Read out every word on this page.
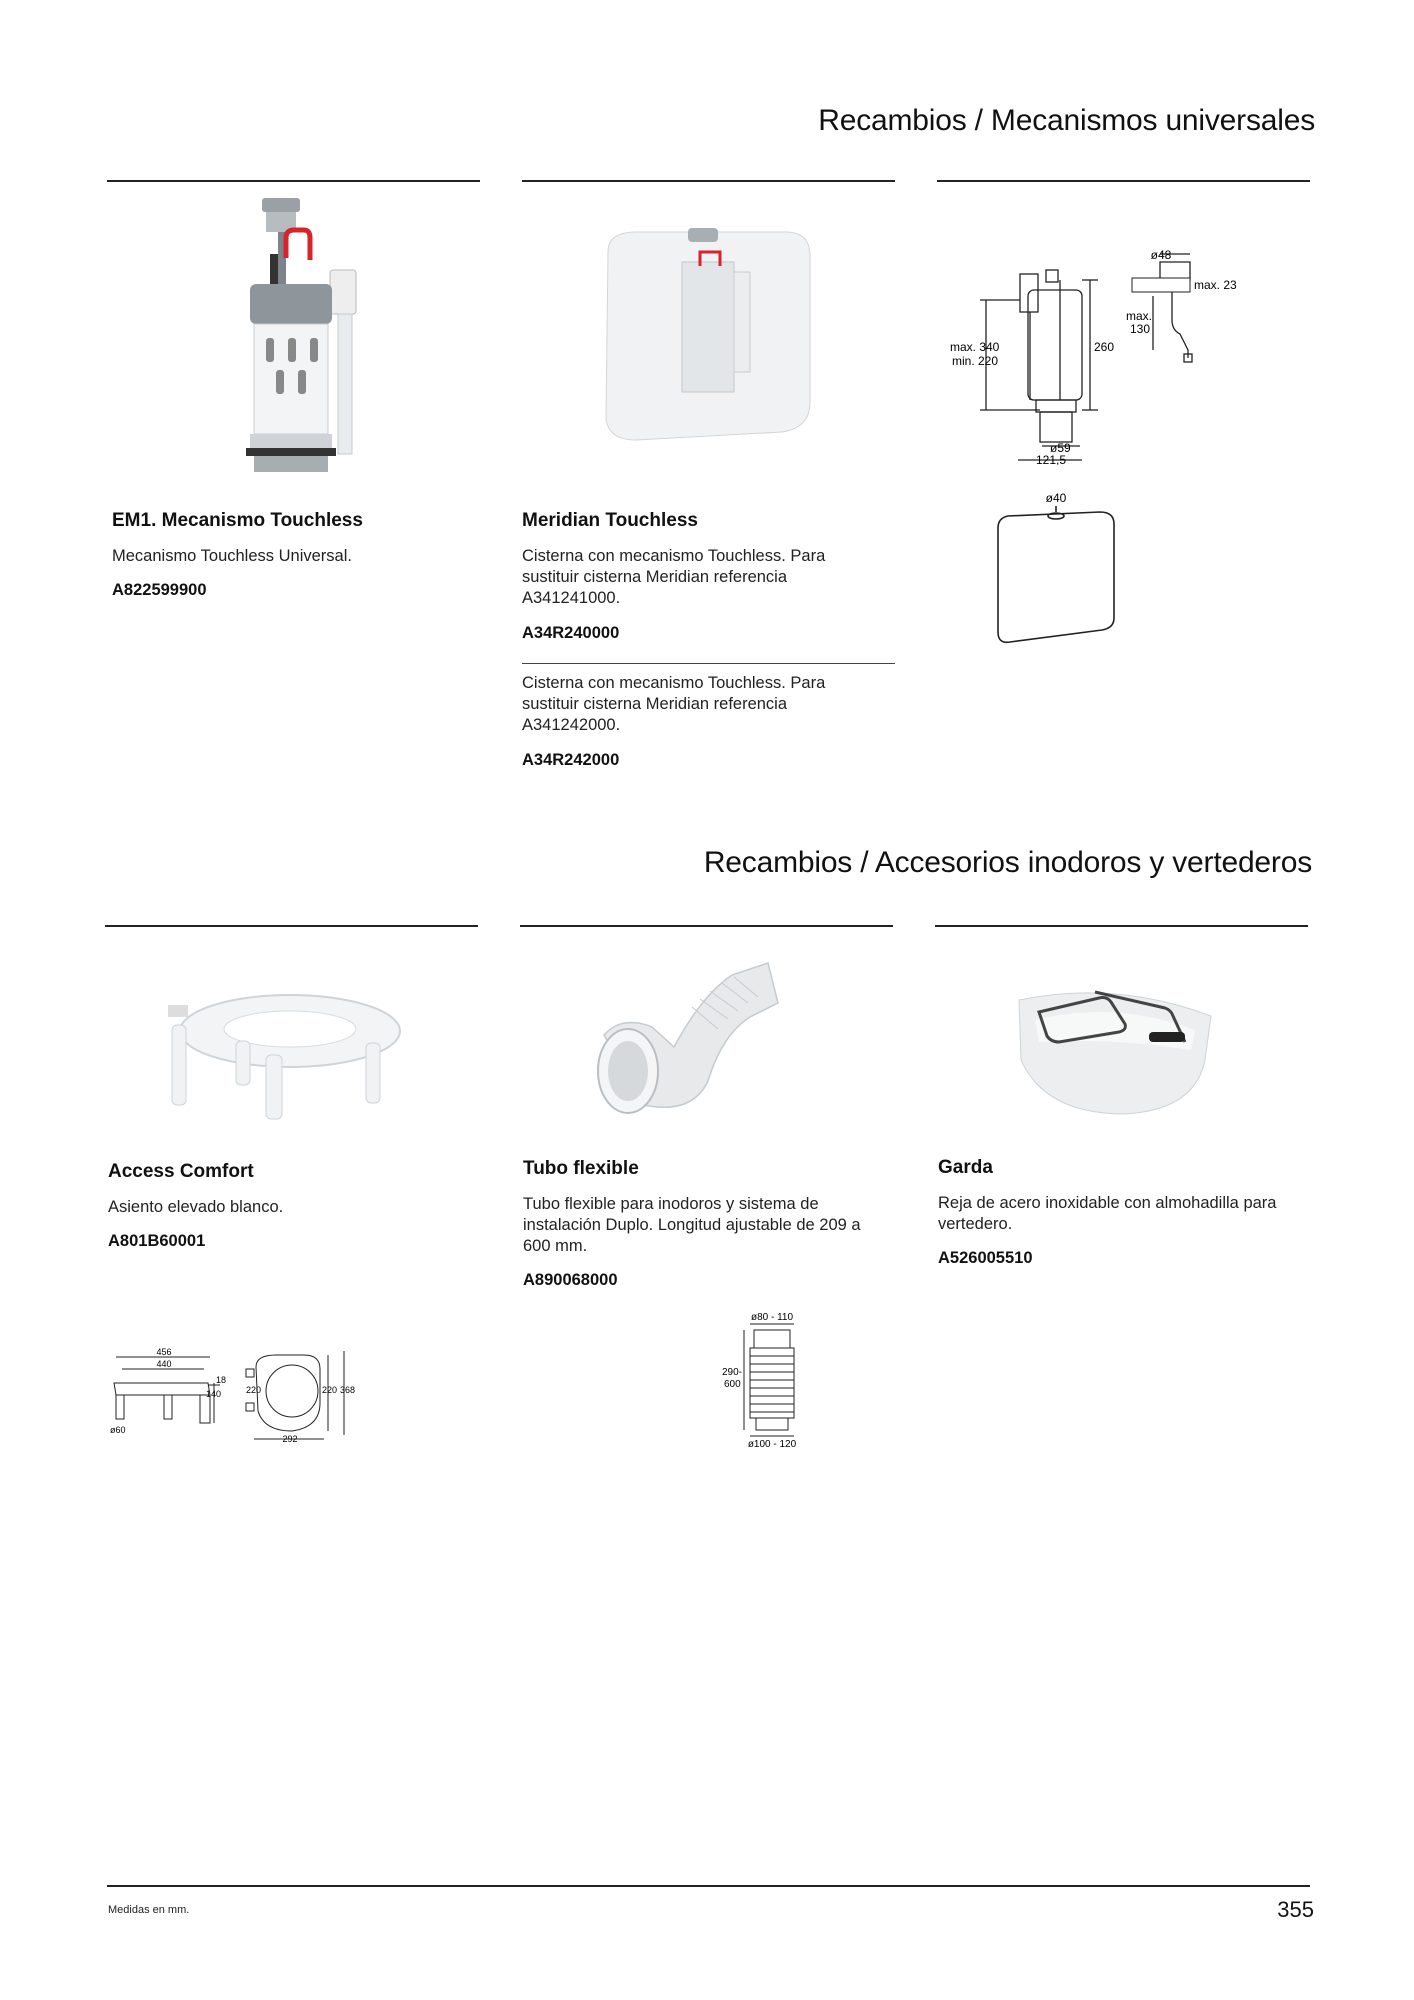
Recambios / Mecanismos universales
ø48
max. 23
max.
130
max. 340
min. 220
260
ø59
121,5
ø40
EM1. Mecanismo Touchless
Mecanismo Touchless Universal.
A822599900
Meridian Touchless
Cisterna con mecanismo Touchless. Para sustituir cisterna Meridian referencia A341241000.
A34R240000
Cisterna con mecanismo Touchless. Para sustituir cisterna Meridian referencia A341242000.
A34R242000
Recambios / Accesorios inodoros y vertederos
Access Comfort
Asiento elevado blanco.
A801B60001
Tubo flexible
Tubo flexible para inodoros y sistema de instalación Duplo. Longitud ajustable de 209 a 600 mm.
A890068000
Garda
Reja de acero inoxidable con almohadilla para vertedero.
A526005510
456
440
18
140
ø60
220	220 368
292
ø80 - 110
290-
600
ø100 - 120
Medidas en mm.	355
